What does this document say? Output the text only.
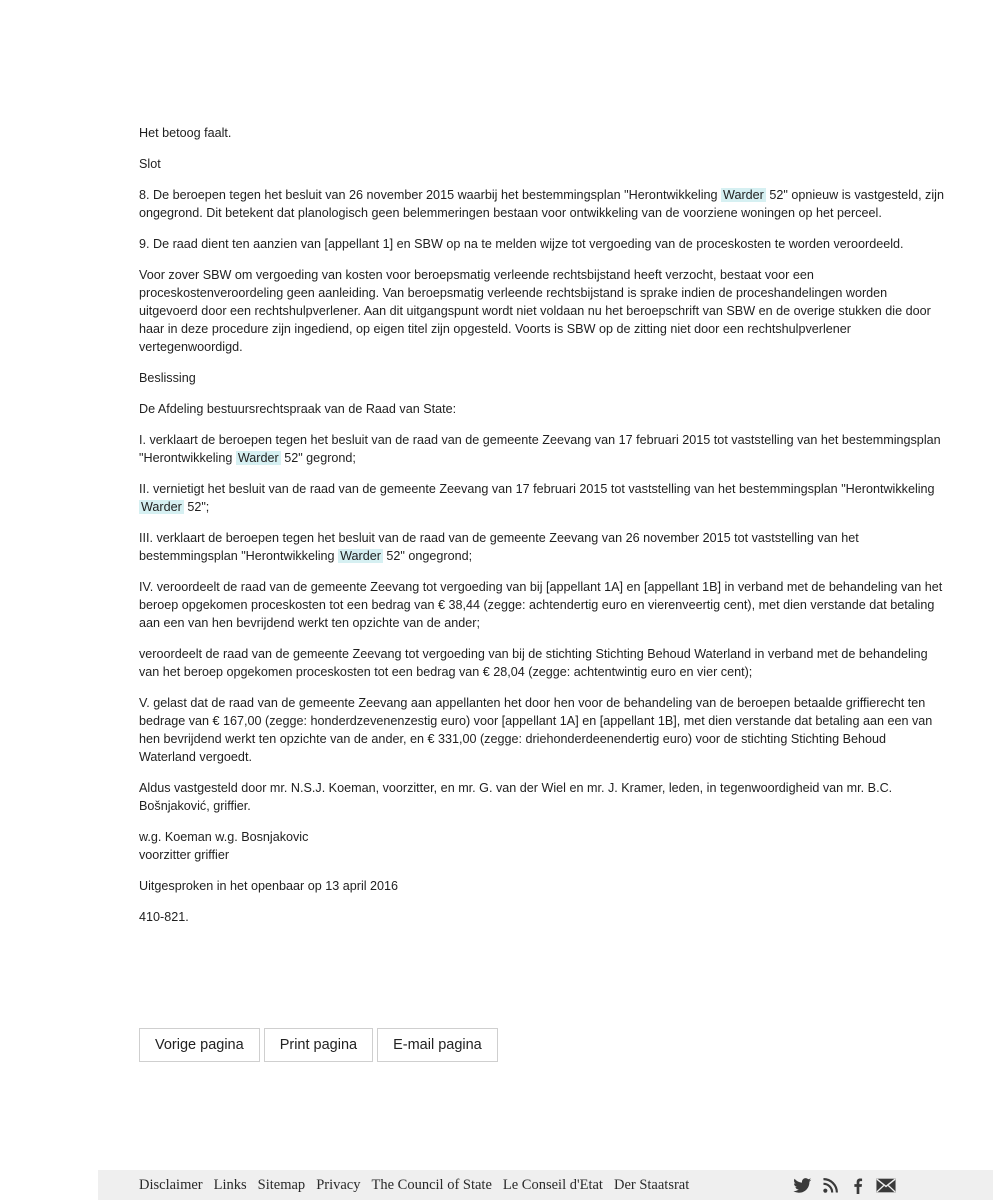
Het betoog faalt.

Slot

8. De beroepen tegen het besluit van 26 november 2015 waarbij het bestemmingsplan "Herontwikkeling Warder 52" opnieuw is vastgesteld, zijn ongegrond. Dit betekent dat planologisch geen belemmeringen bestaan voor ontwikkeling van de voorziene woningen op het perceel.

9. De raad dient ten aanzien van [appellant 1] en SBW op na te melden wijze tot vergoeding van de proceskosten te worden veroordeeld.

Voor zover SBW om vergoeding van kosten voor beroepsmatig verleende rechtsbijstand heeft verzocht, bestaat voor een proceskostenveroordeling geen aanleiding. Van beroepsmatig verleende rechtsbijstand is sprake indien de proceshandelingen worden uitgevoerd door een rechtshulpverlener. Aan dit uitgangspunt wordt niet voldaan nu het beroepschrift van SBW en de overige stukken die door haar in deze procedure zijn ingediend, op eigen titel zijn opgesteld. Voorts is SBW op de zitting niet door een rechtshulpverlener vertegenwoordigd.

Beslissing

De Afdeling bestuursrechtspraak van de Raad van State:

I. verklaart de beroepen tegen het besluit van de raad van de gemeente Zeevang van 17 februari 2015 tot vaststelling van het bestemmingsplan "Herontwikkeling Warder 52" gegrond;

II. vernietigt het besluit van de raad van de gemeente Zeevang van 17 februari 2015 tot vaststelling van het bestemmingsplan "Herontwikkeling Warder 52";

III. verklaart de beroepen tegen het besluit van de raad van de gemeente Zeevang van 26 november 2015 tot vaststelling van het bestemmingsplan "Herontwikkeling Warder 52" ongegrond;

IV. veroordeelt de raad van de gemeente Zeevang tot vergoeding van bij [appellant 1A] en [appellant 1B] in verband met de behandeling van het beroep opgekomen proceskosten tot een bedrag van € 38,44 (zegge: achtendertig euro en vierenveertig cent), met dien verstande dat betaling aan een van hen bevrijdend werkt ten opzichte van de ander;

veroordeelt de raad van de gemeente Zeevang tot vergoeding van bij de stichting Stichting Behoud Waterland in verband met de behandeling van het beroep opgekomen proceskosten tot een bedrag van € 28,04 (zegge: achtentwintig euro en vier cent);

V. gelast dat de raad van de gemeente Zeevang aan appellanten het door hen voor de behandeling van de beroepen betaalde griffierecht ten bedrage van € 167,00 (zegge: honderdzevenenzestig euro) voor [appellant 1A] en [appellant 1B], met dien verstande dat betaling aan een van hen bevrijdend werkt ten opzichte van de ander, en € 331,00 (zegge: driehonderdeenendertig euro) voor de stichting Stichting Behoud Waterland vergoedt.

Aldus vastgesteld door mr. N.S.J. Koeman, voorzitter, en mr. G. van der Wiel en mr. J. Kramer, leden, in tegenwoordigheid van mr. B.C. Bošnjaković, griffier.

w.g. Koeman w.g. Bosnjakovic
voorzitter griffier

Uitgesproken in het openbaar op 13 april 2016

410-821.

Vorige pagina	Print pagina	E-mail pagina
Disclaimer Links Sitemap Privacy The Council of State Le Conseil d'Etat Der Staatsrat
